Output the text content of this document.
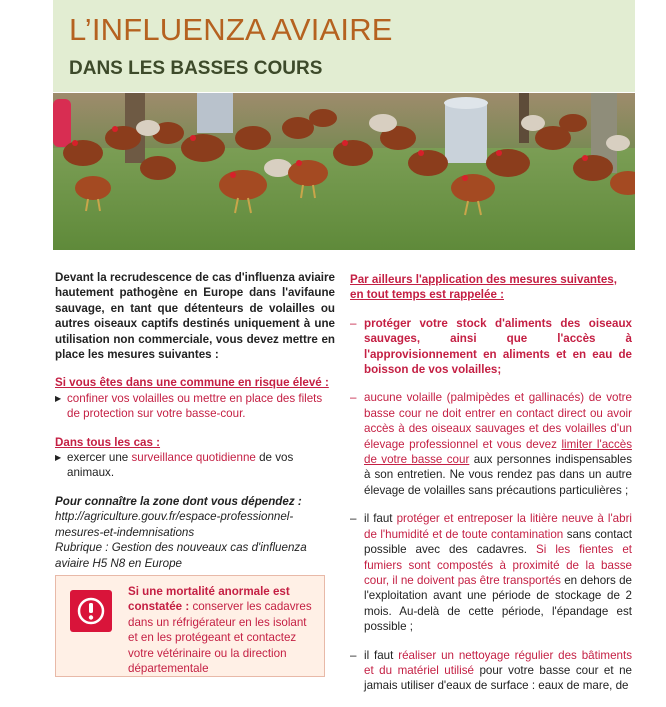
L’INFLUENZA AVIAIRE
DANS LES BASSES COURS
Devant la recrudescence de cas d'influenza aviaire hautement pathogène en Europe dans l'avifaune sauvage, en tant que détenteurs de volailles ou autres oiseaux captifs destinés uniquement à une utilisation non commerciale, vous devez mettre en place les mesures suivantes :
Si vous êtes dans une commune en risque élevé :
▶ confiner vos volailles ou mettre en place des filets de protection sur votre basse-cour.
Dans tous les cas :
▶ exercer une surveillance quotidienne de vos animaux.
Pour connaître la zone dont vous dépendez :
http://agriculture.gouv.fr/espace-professionnel-mesures-et-indemnisations
Rubrique : Gestion des nouveaux cas d'influenza aviaire H5 N8 en Europe
Si une mortalité anormale est constatée : conserver les cadavres dans un réfrigérateur en les isolant et en les protégeant et contactez votre vétérinaire ou la direction départementale
Par ailleurs l'application des mesures suivantes, en tout temps est rappelée :
– protéger votre stock d'aliments des oiseaux sauvages, ainsi que l'accès à l'approvisionnement en aliments et en eau de boisson de vos volailles;
– aucune volaille (palmipèdes et gallinacés) de votre basse cour ne doit entrer en contact direct ou avoir accès à des oiseaux sauvages et des volailles d'un élevage professionnel et vous devez limiter l'accès de votre basse cour aux personnes indispensables à son entretien. Ne vous rendez pas dans un autre élevage de volailles sans précautions particulières ;
– il faut protéger et entreposer la litière neuve à l'abri de l'humidité et de toute contamination sans contact possible avec des cadavres. Si les fientes et fumiers sont compostés à proximité de la basse cour, il ne doivent pas être transportés en dehors de l'exploitation avant une période de stockage de 2 mois. Au-delà de cette période, l'épandage est possible ;
– il faut réaliser un nettoyage régulier des bâtiments et du matériel utilisé pour votre basse cour et ne jamais utiliser d'eaux de surface : eaux de mare, de
